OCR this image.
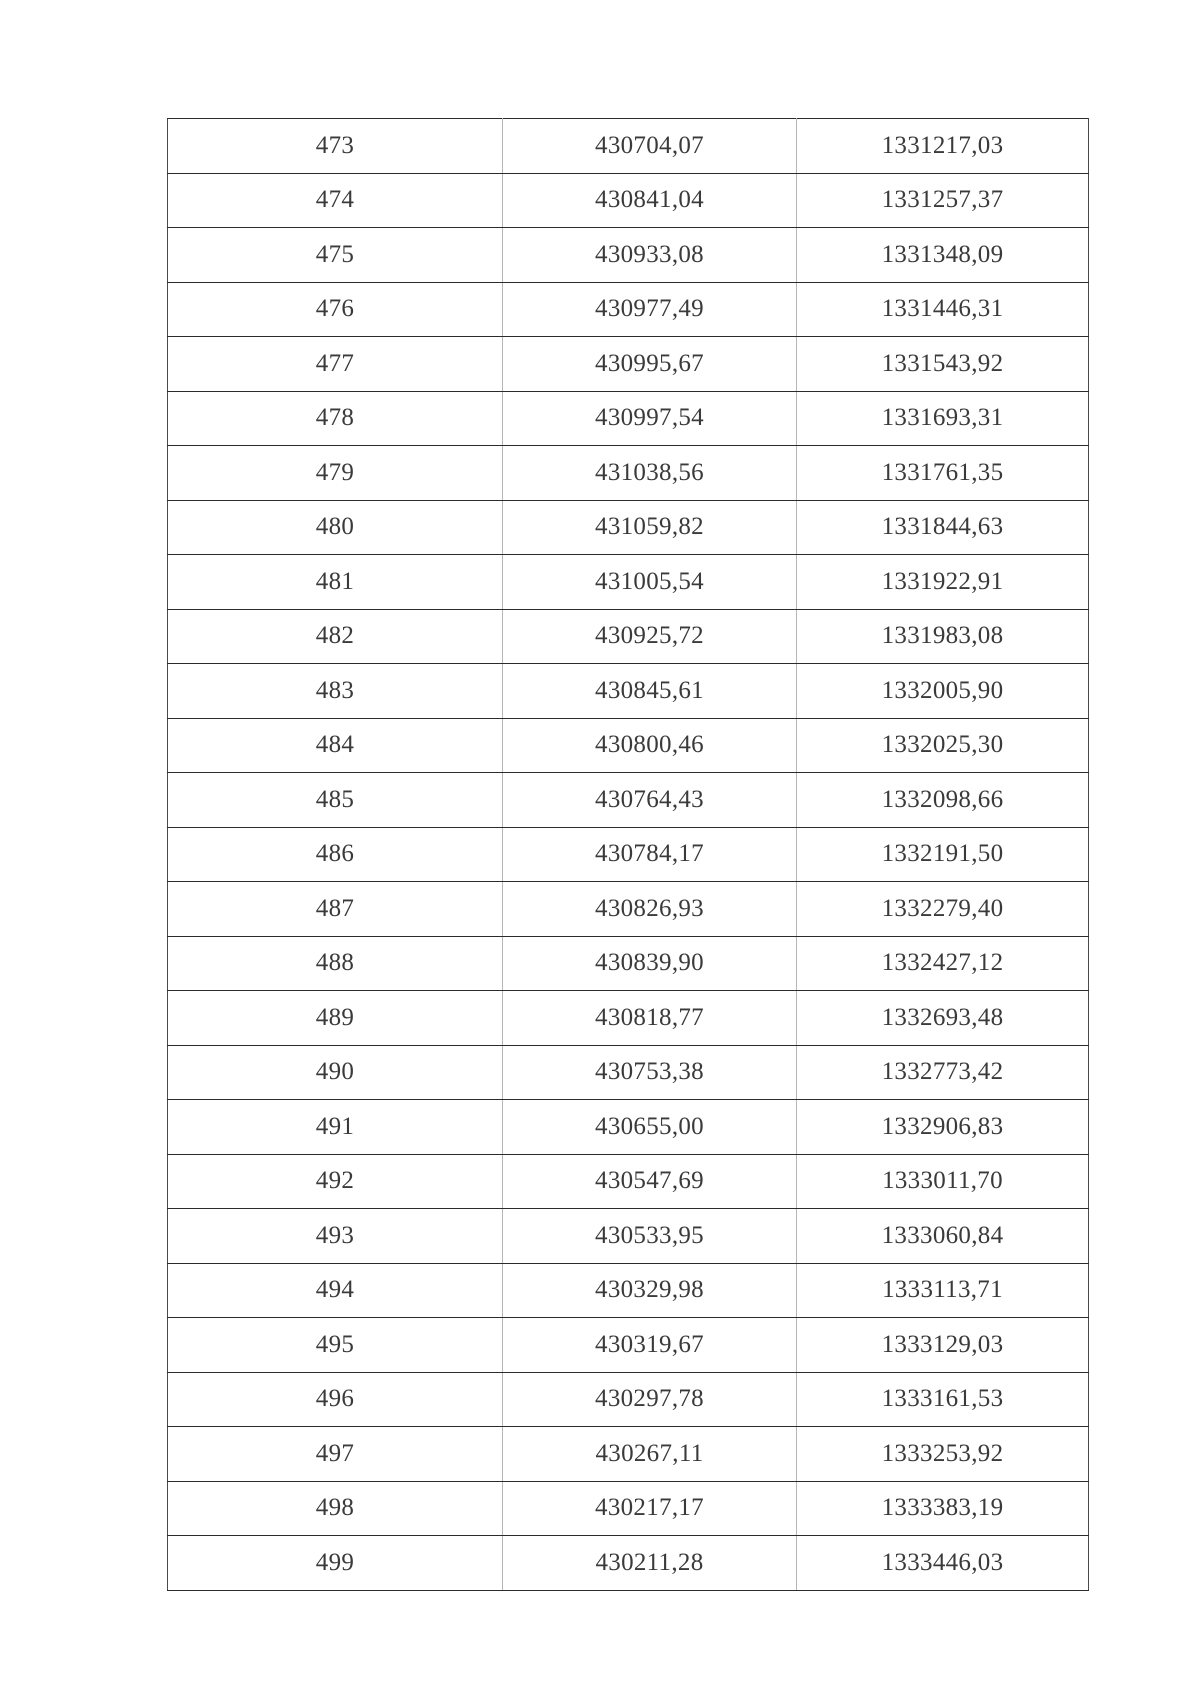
473	430704,07	1331217,03
474	430841,04	1331257,37
475	430933,08	1331348,09
476	430977,49	1331446,31
477	430995,67	1331543,92
478	430997,54	1331693,31
479	431038,56	1331761,35
480	431059,82	1331844,63
481	431005,54	1331922,91
482	430925,72	1331983,08
483	430845,61	1332005,90
484	430800,46	1332025,30
485	430764,43	1332098,66
486	430784,17	1332191,50
487	430826,93	1332279,40
488	430839,90	1332427,12
489	430818,77	1332693,48
490	430753,38	1332773,42
491	430655,00	1332906,83
492	430547,69	1333011,70
493	430533,95	1333060,84
494	430329,98	1333113,71
495	430319,67	1333129,03
496	430297,78	1333161,53
497	430267,11	1333253,92
498	430217,17	1333383,19
499	430211,28	1333446,03
